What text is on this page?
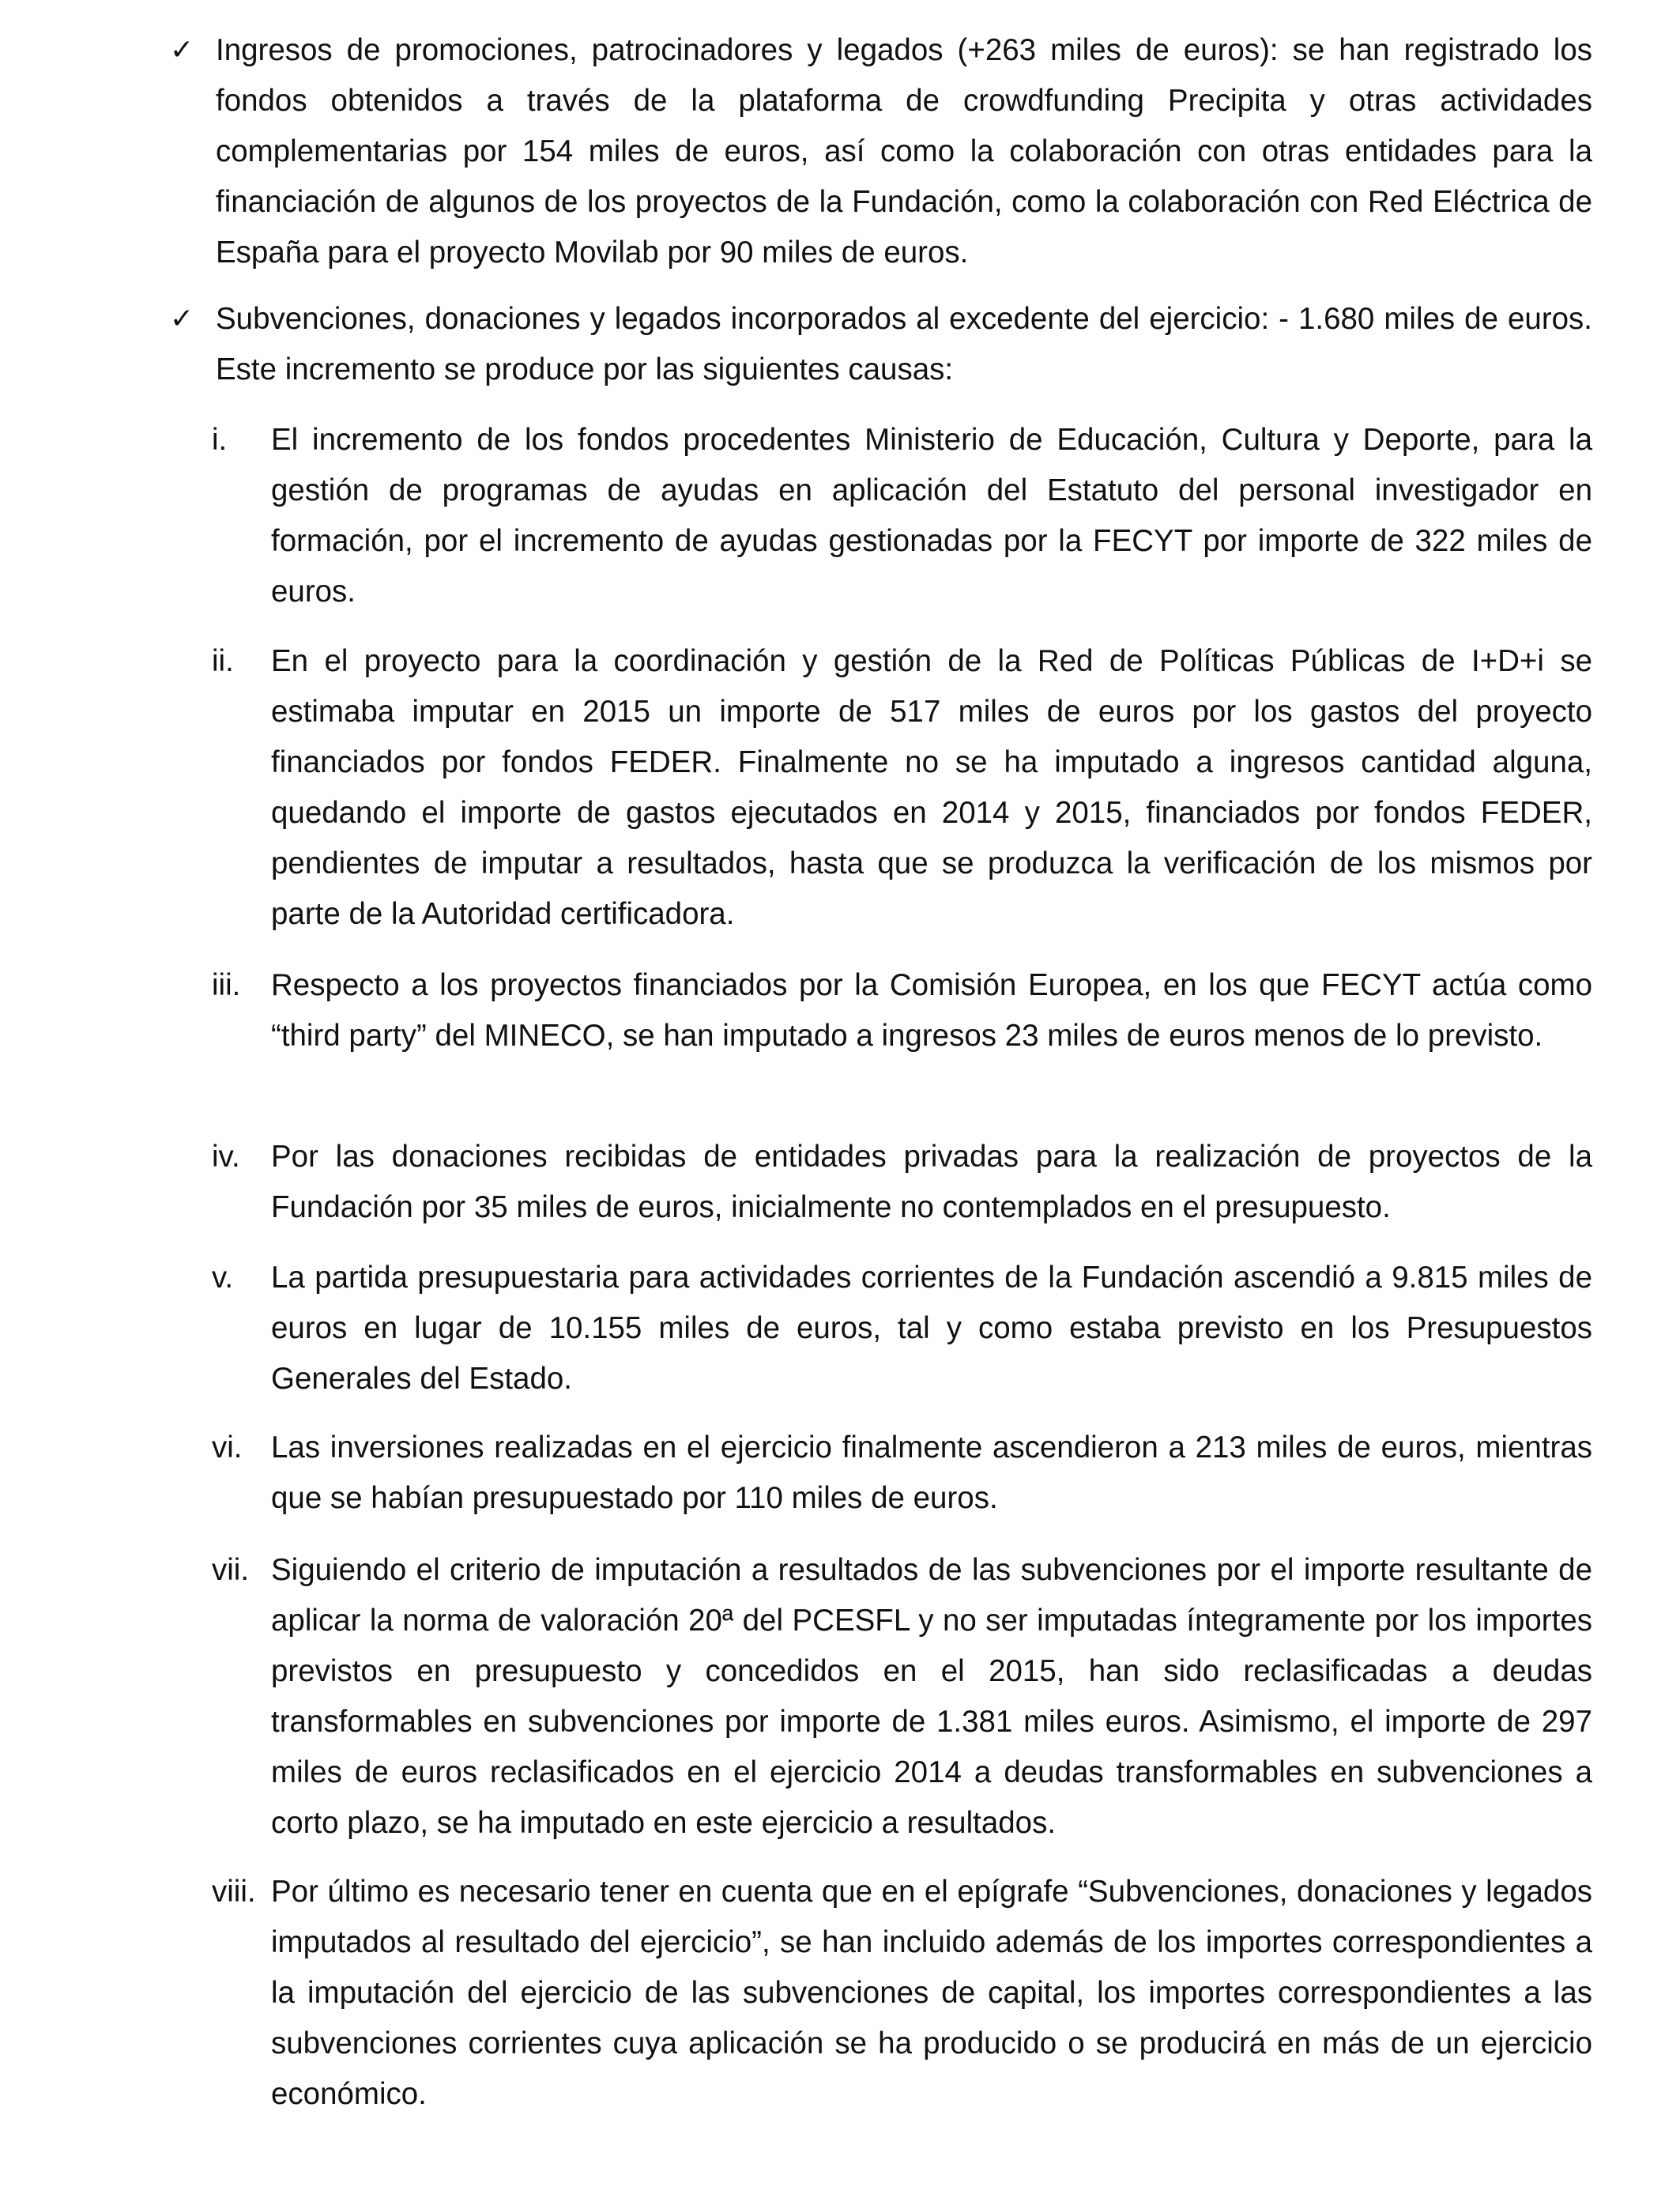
✓ Ingresos de promociones, patrocinadores y legados (+263 miles de euros): se han registrado los fondos obtenidos a través de la plataforma de crowdfunding Precipita y otras actividades complementarias por 154 miles de euros, así como la colaboración con otras entidades para la financiación de algunos de los proyectos de la Fundación, como la colaboración con Red Eléctrica de España para el proyecto Movilab por 90 miles de euros.
✓ Subvenciones, donaciones y legados incorporados al excedente del ejercicio: - 1.680 miles de euros. Este incremento se produce por las siguientes causas:
i. El incremento de los fondos procedentes Ministerio de Educación, Cultura y Deporte, para la gestión de programas de ayudas en aplicación del Estatuto del personal investigador en formación, por el incremento de ayudas gestionadas por la FECYT por importe de 322 miles de euros.
ii. En el proyecto para la coordinación y gestión de la Red de Políticas Públicas de I+D+i se estimaba imputar en 2015 un importe de 517 miles de euros por los gastos del proyecto financiados por fondos FEDER. Finalmente no se ha imputado a ingresos cantidad alguna, quedando el importe de gastos ejecutados en 2014 y 2015, financiados por fondos FEDER, pendientes de imputar a resultados, hasta que se produzca la verificación de los mismos por parte de la Autoridad certificadora.
iii. Respecto a los proyectos financiados por la Comisión Europea, en los que FECYT actúa como “third party” del MINECO, se han imputado a ingresos 23 miles de euros menos de lo previsto.
iv. Por las donaciones recibidas de entidades privadas para la realización de proyectos de la Fundación por 35 miles de euros, inicialmente no contemplados en el presupuesto.
v. La partida presupuestaria para actividades corrientes de la Fundación ascendió a 9.815 miles de euros en lugar de 10.155 miles de euros, tal y como estaba previsto en los Presupuestos Generales del Estado.
vi. Las inversiones realizadas en el ejercicio finalmente ascendieron a 213 miles de euros, mientras que se habían presupuestado por 110 miles de euros.
vii. Siguiendo el criterio de imputación a resultados de las subvenciones por el importe resultante de aplicar la norma de valoración 20ª del PCESFL y no ser imputadas íntegramente por los importes previstos en presupuesto y concedidos en el 2015, han sido reclasificadas a deudas transformables en subvenciones por importe de 1.381 miles euros. Asimismo, el importe de 297 miles de euros reclasificados en el ejercicio 2014 a deudas transformables en subvenciones a corto plazo, se ha imputado en este ejercicio a resultados.
viii. Por último es necesario tener en cuenta que en el epígrafe “Subvenciones, donaciones y legados imputados al resultado del ejercicio”, se han incluido además de los importes correspondientes a la imputación del ejercicio de las subvenciones de capital, los importes correspondientes a las subvenciones corrientes cuya aplicación se ha producido o se producirá en más de un ejercicio económico.
